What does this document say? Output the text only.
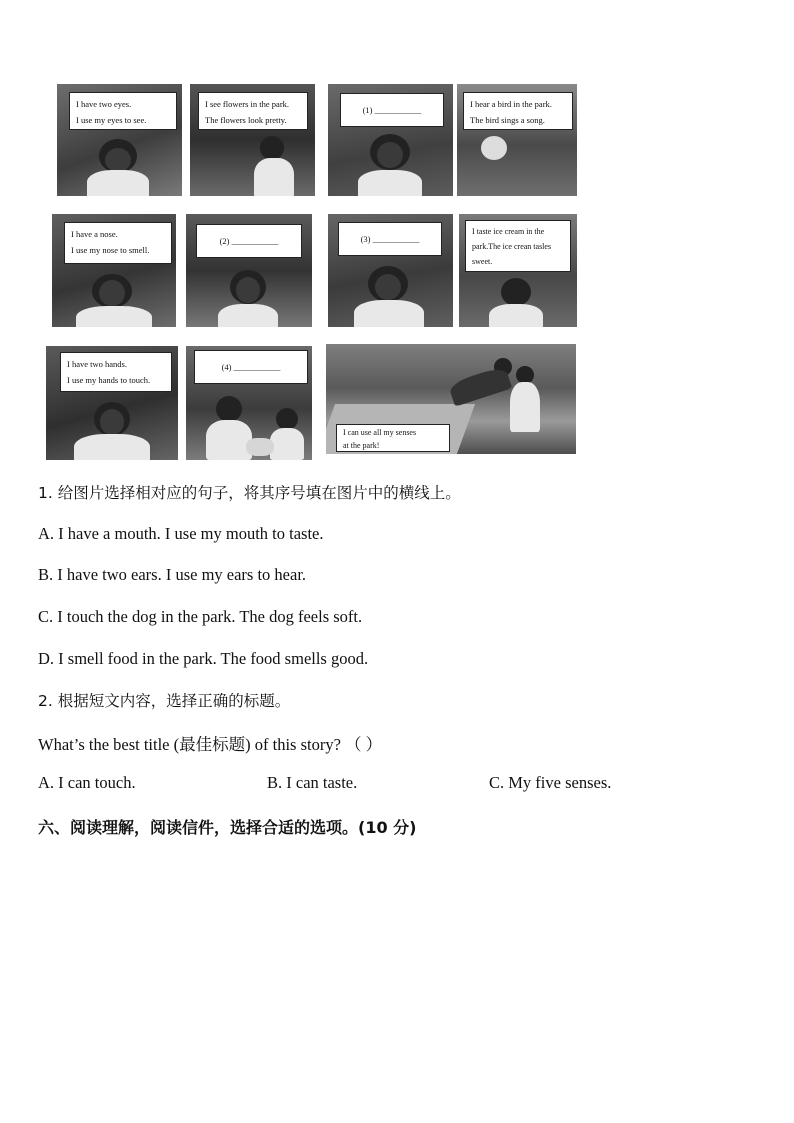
I have two eyes.
I use my eyes to see.
I see flowers in the park.
The flowers look pretty.
(1) ___________
I hear a bird in the park.
The bird sings a song.
I have a nose.
I use my nose to smell.
(2) ___________	(3) ___________
I taste ice cream in the
park.The ice crean tasles
sweet.
I have two hands.
I use my hands to touch.
(4) ___________
I can use all my senses
at the park!
1. 给图片选择相对应的句子，将其序号填在图片中的横线上。
A. I have a mouth. I use my mouth to taste.
B. I have two ears. I use my ears to hear.
C. I touch the dog in the park. The dog feels soft.
D. I smell food in the park. The food smells good.
2. 根据短文内容，选择正确的标题。
What’s the best title (最佳标题) of this story? （ ）
A. I can touch.	B. I can taste.	C. My five senses.
六、阅读理解，阅读信件，选择合适的选项。(10 分)
